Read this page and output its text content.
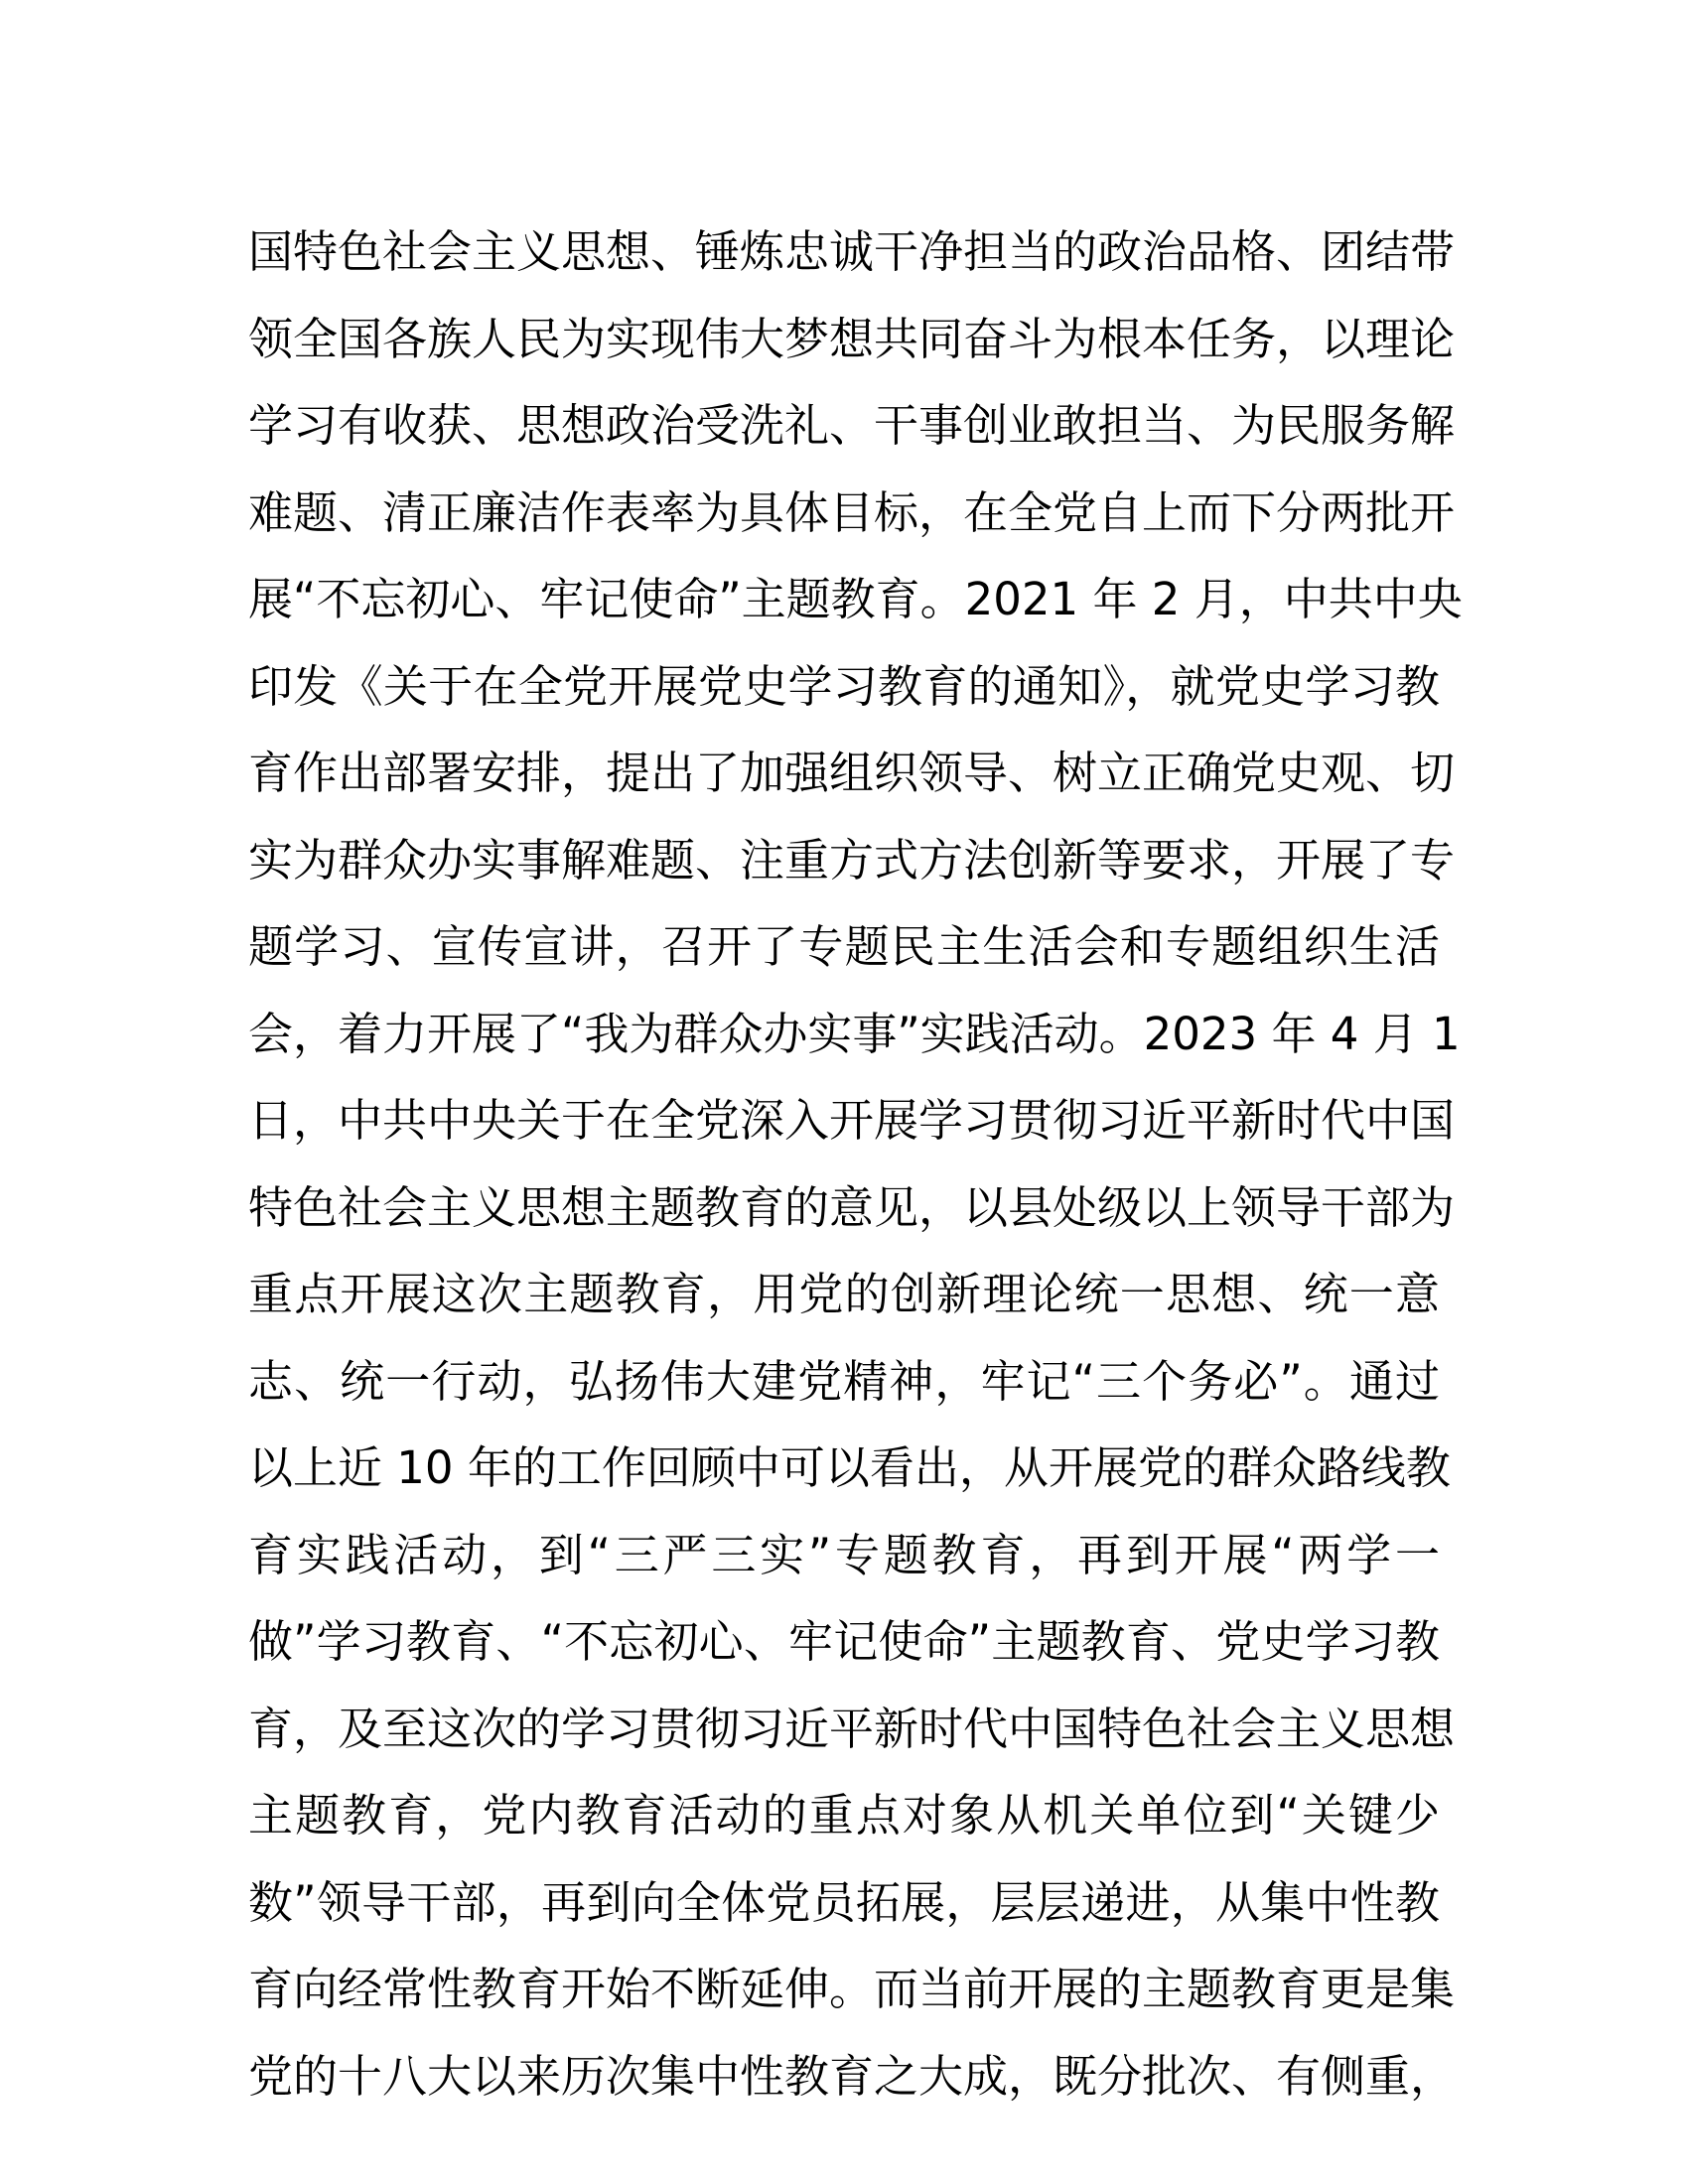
国特色社会主义思想、锤炼忠诚干净担当的政治品格、团结带
领全国各族人民为实现伟大梦想共同奋斗为根本任务，以理论
学习有收获、思想政治受洗礼、干事创业敢担当、为民服务解
难题、清正廉洁作表率为具体目标，在全党自上而下分两批开
展“不忘初心、牢记使命”主题教育。2021 年 2 月，中共中央
印发《关于在全党开展党史学习教育的通知》，就党史学习教
育作出部署安排，提出了加强组织领导、树立正确党史观、切
实为群众办实事解难题、注重方式方法创新等要求，开展了专
题学习、宣传宣讲，召开了专题民主生活会和专题组织生活
会，着力开展了“我为群众办实事”实践活动。2023 年 4 月 1
日，中共中央关于在全党深入开展学习贯彻习近平新时代中国
特色社会主义思想主题教育的意见，以县处级以上领导干部为
重点开展这次主题教育，用党的创新理论统一思想、统一意
志、统一行动，弘扬伟大建党精神，牢记“三个务必”。通过
以上近 10 年的工作回顾中可以看出，从开展党的群众路线教
育实践活动，到“三严三实”专题教育，再到开展“两学一
做”学习教育、“不忘初心、牢记使命”主题教育、党史学习教
育，及至这次的学习贯彻习近平新时代中国特色社会主义思想
主题教育，党内教育活动的重点对象从机关单位到“关键少
数”领导干部，再到向全体党员拓展，层层递进，从集中性教
育向经常性教育开始不断延伸。而当前开展的主题教育更是集
党的十八大以来历次集中性教育之大成，既分批次、有侧重，
